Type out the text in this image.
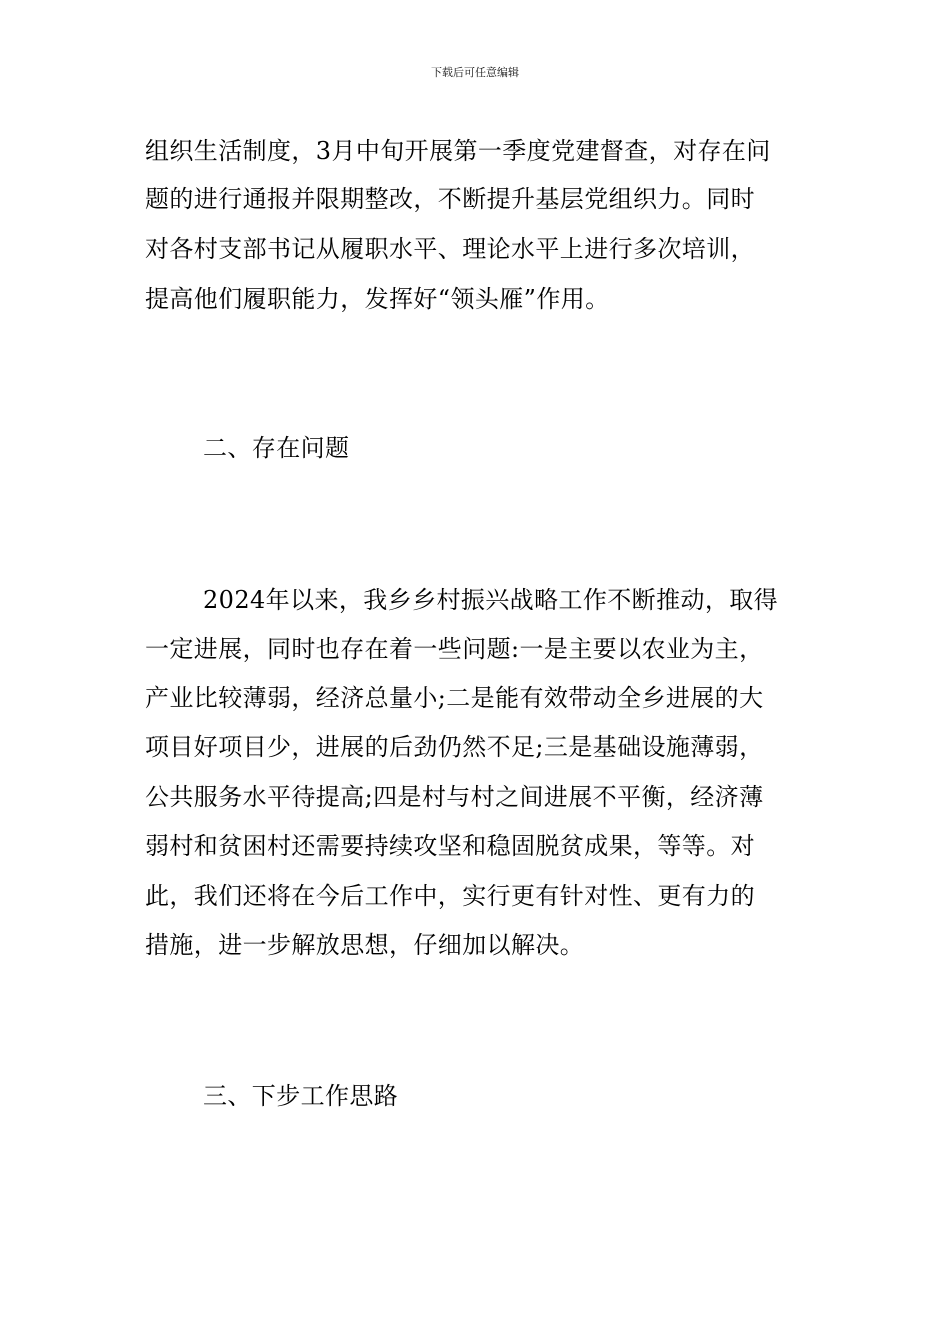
下载后可任意编辑
组织生活制度，3月中旬开展第一季度党建督查，对存在问
题的进行通报并限期整改，不断提升基层党组织力。同时
对各村支部书记从履职水平、理论水平上进行多次培训，
提高他们履职能力，发挥好“领头雁”作用。
二、存在问题
2024年以来，我乡乡村振兴战略工作不断推动，取得
一定进展，同时也存在着一些问题:一是主要以农业为主，
产业比较薄弱，经济总量小;二是能有效带动全乡进展的大
项目好项目少，进展的后劲仍然不足;三是基础设施薄弱，
公共服务水平待提高;四是村与村之间进展不平衡，经济薄
弱村和贫困村还需要持续攻坚和稳固脱贫成果，等等。对
此，我们还将在今后工作中，实行更有针对性、更有力的
措施，进一步解放思想，仔细加以解决。
三、下步工作思路
